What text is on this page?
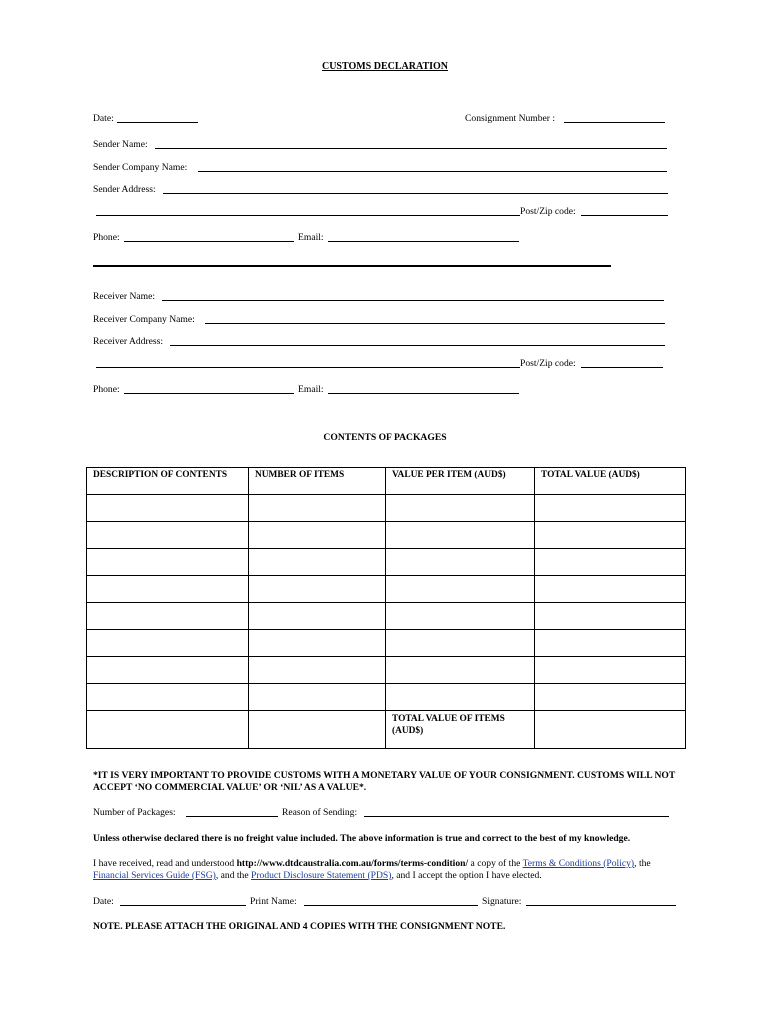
CUSTOMS DECLARATION
Date:	Consignment Number :
Sender Name:
Sender Company Name:
Sender Address:
Post/Zip code:
Phone:	Email:
Receiver Name:
Receiver Company Name:
Receiver Address:
Post/Zip code:
Phone:	Email:
CONTENTS OF PACKAGES
DESCRIPTION OF CONTENTS	NUMBER OF ITEMS	VALUE PER ITEM (AUD$)	TOTAL VALUE (AUD$)

		TOTAL VALUE OF ITEMS (AUD$)	
*IT IS VERY IMPORTANT TO PROVIDE CUSTOMS WITH A MONETARY VALUE OF YOUR CONSIGNMENT. CUSTOMS WILL NOT ACCEPT ‘NO COMMERCIAL VALUE’ OR ‘NIL’ AS A VALUE*.
Number of Packages:	Reason of Sending:
Unless otherwise declared there is no freight value included. The above information is true and correct to the best of my knowledge.
I have received, read and understood http://www.dtdcaustralia.com.au/forms/terms-condition/ a copy of the Terms & Conditions (Policy), the Financial Services Guide (FSG), and the Product Disclosure Statement (PDS), and I accept the option I have elected.
Date:	Print Name:	Signature:
NOTE. PLEASE ATTACH THE ORIGINAL AND 4 COPIES WITH THE CONSIGNMENT NOTE.
